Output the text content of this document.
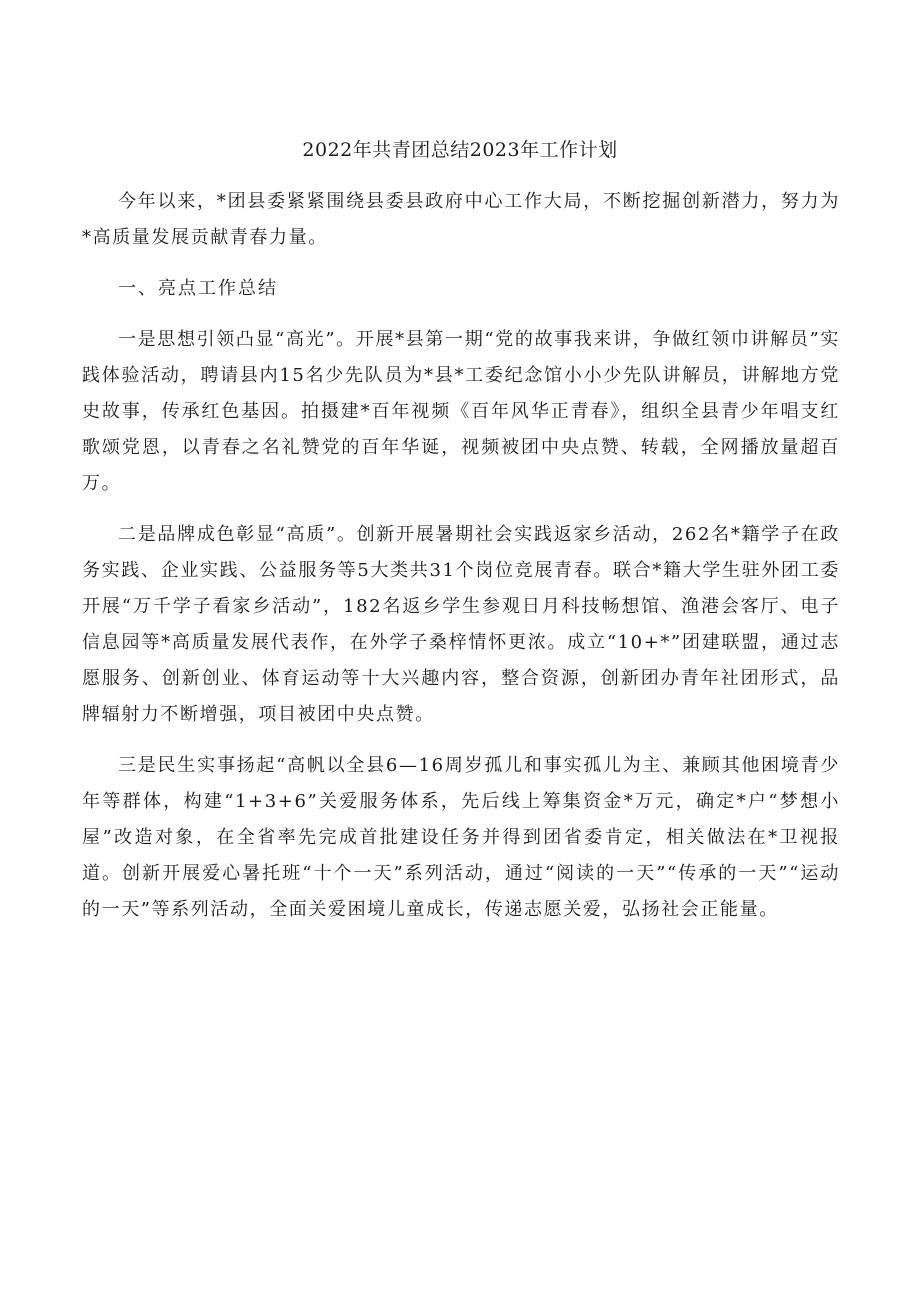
2022年共青团总结2023年工作计划

今年以来，*团县委紧紧围绕县委县政府中心工作大局，不断挖掘创新潜力，努力为*高质量发展贡献青春力量。

一、亮点工作总结

一是思想引领凸显“高光”。开展*县第一期“党的故事我来讲，争做红领巾讲解员”实践体验活动，聘请县内15名少先队员为*县*工委纪念馆小小少先队讲解员，讲解地方党史故事，传承红色基因。拍摄建*百年视频《百年风华正青春》，组织全县青少年唱支红歌颂党恩，以青春之名礼赞党的百年华诞，视频被团中央点赞、转载，全网播放量超百万。

二是品牌成色彰显“高质”。创新开展暑期社会实践返家乡活动，262名*籍学子在政务实践、企业实践、公益服务等5大类共31个岗位竞展青春。联合*籍大学生驻外团工委开展“万千学子看家乡活动”，182名返乡学生参观日月科技畅想馆、渔港会客厅、电子信息园等*高质量发展代表作，在外学子桑梓情怀更浓。成立“10+*”团建联盟，通过志愿服务、创新创业、体育运动等十大兴趣内容，整合资源，创新团办青年社团形式，品牌辐射力不断增强，项目被团中央点赞。

三是民生实事扬起“高帆以全县6—16周岁孤儿和事实孤儿为主、兼顾其他困境青少年等群体，构建“1+3+6”关爱服务体系，先后线上筹集资金*万元，确定*户“梦想小屋”改造对象，在全省率先完成首批建设任务并得到团省委肯定，相关做法在*卫视报道。创新开展爱心暑托班“十个一天”系列活动，通过“阅读的一天”“传承的一天”“运动的一天”等系列活动，全面关爱困境儿童成长，传递志愿关爱，弘扬社会正能量。
